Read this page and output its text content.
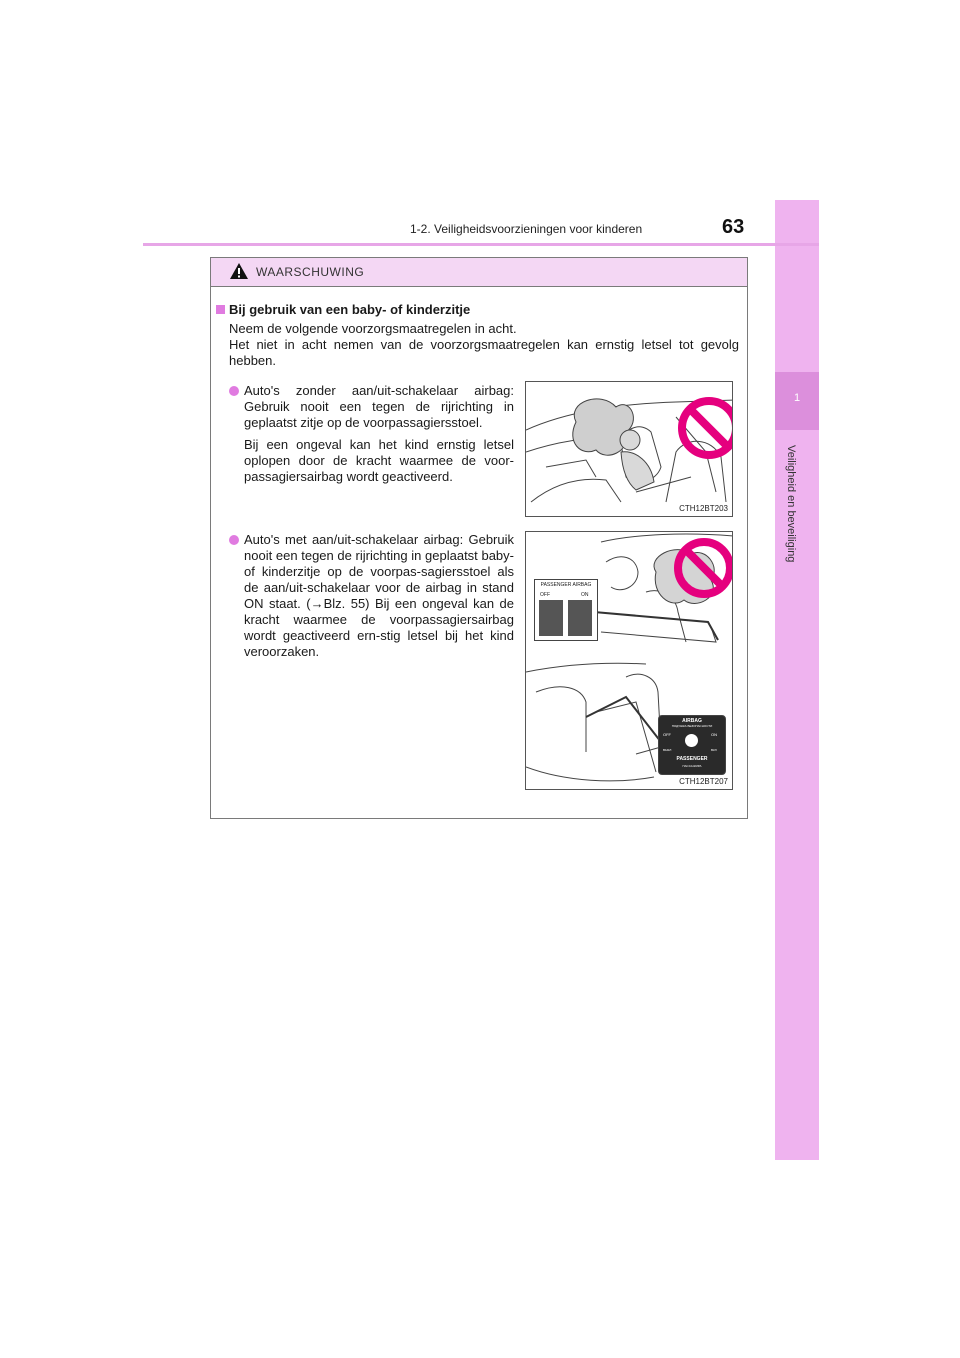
1
Veiligheid en beveiliging
1-2. Veiligheidsvoorzieningen voor kinderen	63
WAARSCHUWING
Bij gebruik van een baby- of kinderzitje

Neem de volgende voorzorgsmaatregelen in acht.

Het niet in acht nemen van de voorzorgsmaatregelen kan ernstig letsel tot gevolg hebben.

Auto's zonder aan/uit-schakelaar airbag: Gebruik nooit een tegen de rijrichting in geplaatst zitje op de voorpassagiersstoel.

Bij een ongeval kan het kind ernstig letsel oplopen door de kracht waarmee de voor-passagiersairbag wordt geactiveerd.

Auto's met aan/uit-schakelaar airbag: Gebruik nooit een tegen de rijrichting in geplaatst baby- of kinderzitje op de voorpas-sagiersstoel als de aan/uit-schakelaar voor de airbag in stand ON staat. (→Blz. 55) Bij een ongeval kan de kracht waarmee de voorpassagiersairbag wordt geactiveerd ern-stig letsel bij het kind veroorzaken.

CTH12BT203
PASSENGER AIRBAG
OFF	ON
AIRBAG
ПОДУШКА БЕЗОПАСНОСТИ
OFF	ON
ВЫКЛ	ВКЛ
PASSENGER
ПАССАЖИРА
CTH12BT207
